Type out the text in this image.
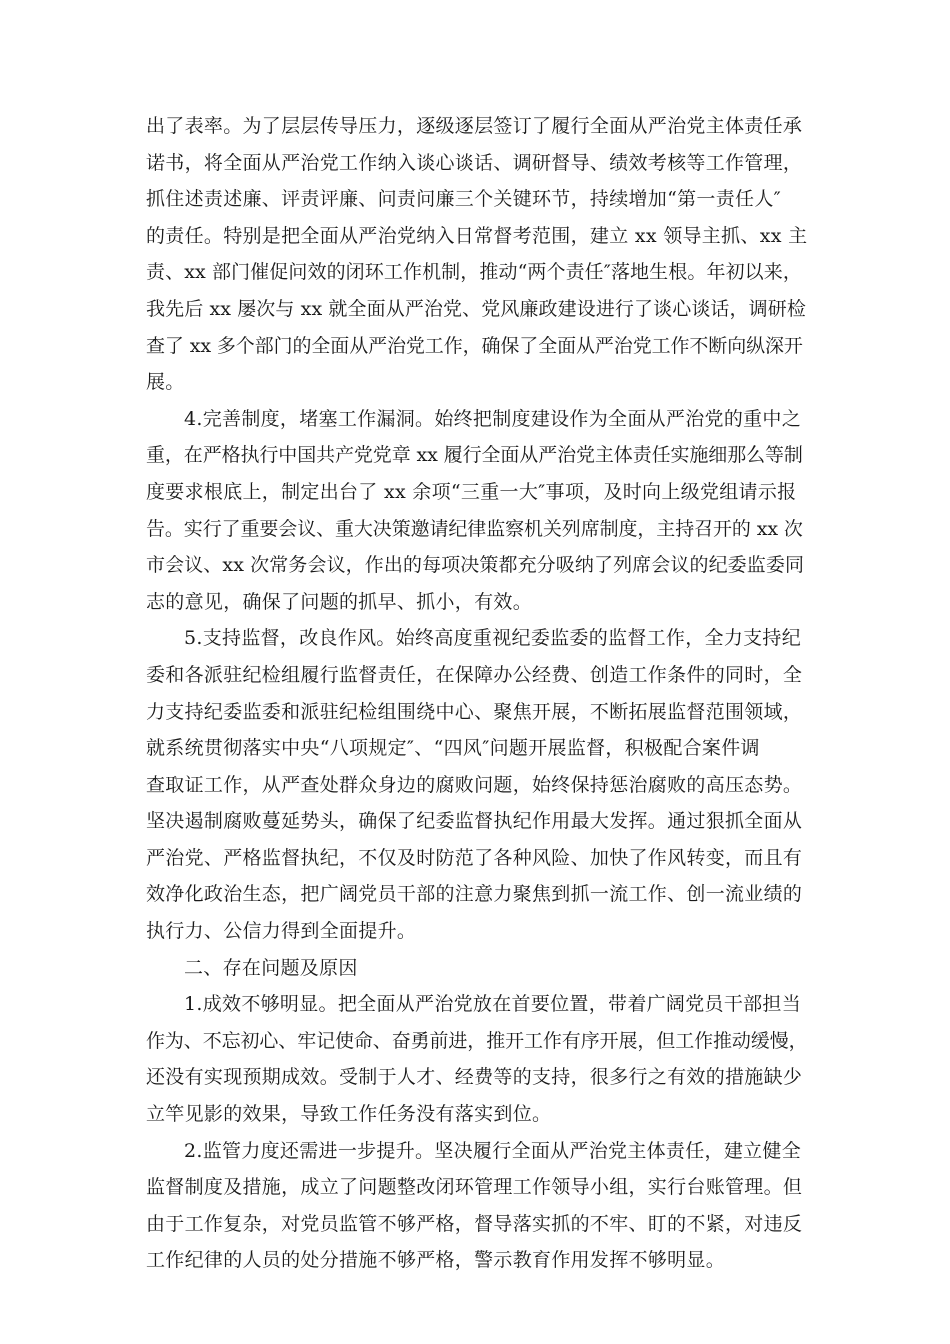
出了表率。为了层层传导压力，逐级逐层签订了履行全面从严治党主体责任承
诺书，将全面从严治党工作纳入谈心谈话、调研督导、绩效考核等工作管理，
抓住述责述廉、评责评廉、问责问廉三个关键环节，持续增加“第一责任人″
的责任。特别是把全面从严治党纳入日常督考范围，建立 xx 领导主抓、xx 主
责、xx 部门催促问效的闭环工作机制，推动“两个责任″落地生根。年初以来，
我先后 xx 屡次与 xx 就全面从严治党、党风廉政建设进行了谈心谈话，调研检
查了 xx 多个部门的全面从严治党工作，确保了全面从严治党工作不断向纵深开
展。
4.完善制度，堵塞工作漏洞。始终把制度建设作为全面从严治党的重中之
重，在严格执行中国共产党党章 xx 履行全面从严治党主体责任实施细那么等制
度要求根底上，制定出台了 xx 余项“三重一大″事项，及时向上级党组请示报
告。实行了重要会议、重大决策邀请纪律监察机关列席制度，主持召开的 xx 次
市会议、xx 次常务会议，作出的每项决策都充分吸纳了列席会议的纪委监委同
志的意见，确保了问题的抓早、抓小，有效。
5.支持监督，改良作风。始终高度重视纪委监委的监督工作，全力支持纪
委和各派驻纪检组履行监督责任，在保障办公经费、创造工作条件的同时，全
力支持纪委监委和派驻纪检组围绕中心、聚焦开展，不断拓展监督范围领域，
就系统贯彻落实中央“八项规定″、“四风″问题开展监督，积极配合案件调
查取证工作，从严查处群众身边的腐败问题，始终保持惩治腐败的高压态势。
坚决遏制腐败蔓延势头，确保了纪委监督执纪作用最大发挥。通过狠抓全面从
严治党、严格监督执纪，不仅及时防范了各种风险、加快了作风转变，而且有
效净化政治生态，把广阔党员干部的注意力聚焦到抓一流工作、创一流业绩的
执行力、公信力得到全面提升。
二、存在问题及原因
1.成效不够明显。把全面从严治党放在首要位置，带着广阔党员干部担当
作为、不忘初心、牢记使命、奋勇前进，推开工作有序开展，但工作推动缓慢，
还没有实现预期成效。受制于人才、经费等的支持，很多行之有效的措施缺少
立竿见影的效果，导致工作任务没有落实到位。
2.监管力度还需进一步提升。坚决履行全面从严治党主体责任，建立健全
监督制度及措施，成立了问题整改闭环管理工作领导小组，实行台账管理。但
由于工作复杂，对党员监管不够严格，督导落实抓的不牢、盯的不紧，对违反
工作纪律的人员的处分措施不够严格，警示教育作用发挥不够明显。
